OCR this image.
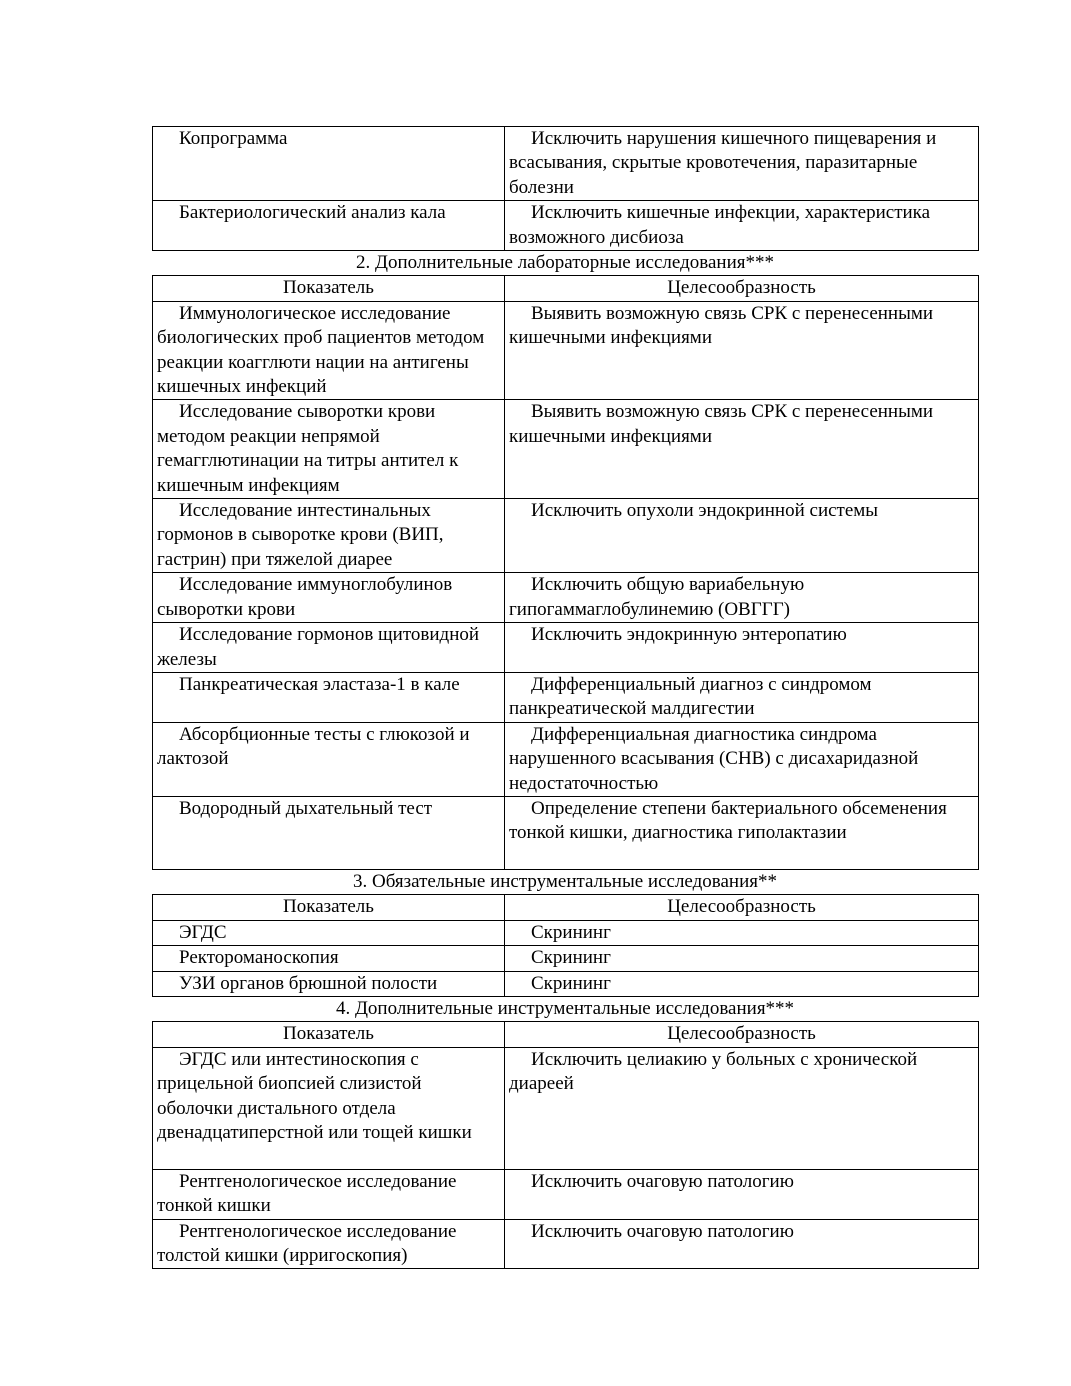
Копрограмма	Исключить нарушения кишечного пищеварения и всасывания, скрытые кровотечения, паразитарные болезни
Бактериологический анализ кала	Исключить кишечные инфекции, характеристика возможного дисбиоза
2. Дополнительные лабораторные исследования***
Показатель	Целесообразность
Иммунологическое исследование биологических проб пациентов методом реакции коагглюти нации на антигены кишечных инфекций	Выявить возможную связь СРК с перенесенными кишечными инфекциями
Исследование сыворотки крови методом реакции непрямой гемагглютинации на титры антител к кишечным инфекциям	Выявить возможную связь СРК с перенесенными кишечными инфекциями
Исследование интестинальных гормонов в сыворотке крови (ВИП, гастрин) при тяжелой диарее	Исключить опухоли эндокринной системы
Исследование иммуноглобулинов сыворотки крови	Исключить общую вариабельную гипогаммаглобулинемию (ОВГГГ)
Исследование гормонов щитовидной железы	Исключить эндокринную энтеропатию
Панкреатическая эластаза-1 в кале	Дифференциальный диагноз с синдромом панкреатической малдигестии
Абсорбционные тесты с глюкозой и лактозой	Дифференциальная диагностика синдрома нарушенного всасывания (СНВ) с дисахаридазной недостаточностью
Водородный дыхательный тест	Определение степени бактериального обсеменения тонкой кишки, диагностика гиполактазии
3. Обязательные инструментальные исследования**
Показатель	Целесообразность
ЭГДС	Скрининг
Ректороманоскопия	Скрининг
УЗИ органов брюшной полости	Скрининг
4. Дополнительные инструментальные исследования***
Показатель	Целесообразность
ЭГДС или интестиноскопия с прицельной биопсией слизистой оболочки дистального отдела двенадцатиперстной или тощей кишки	Исключить целиакию у больных с хронической диареей
Рентгенологическое исследование тонкой кишки	Исключить очаговую патологию
Рентгенологическое исследование толстой кишки (ирригоскопия)	Исключить очаговую патологию
